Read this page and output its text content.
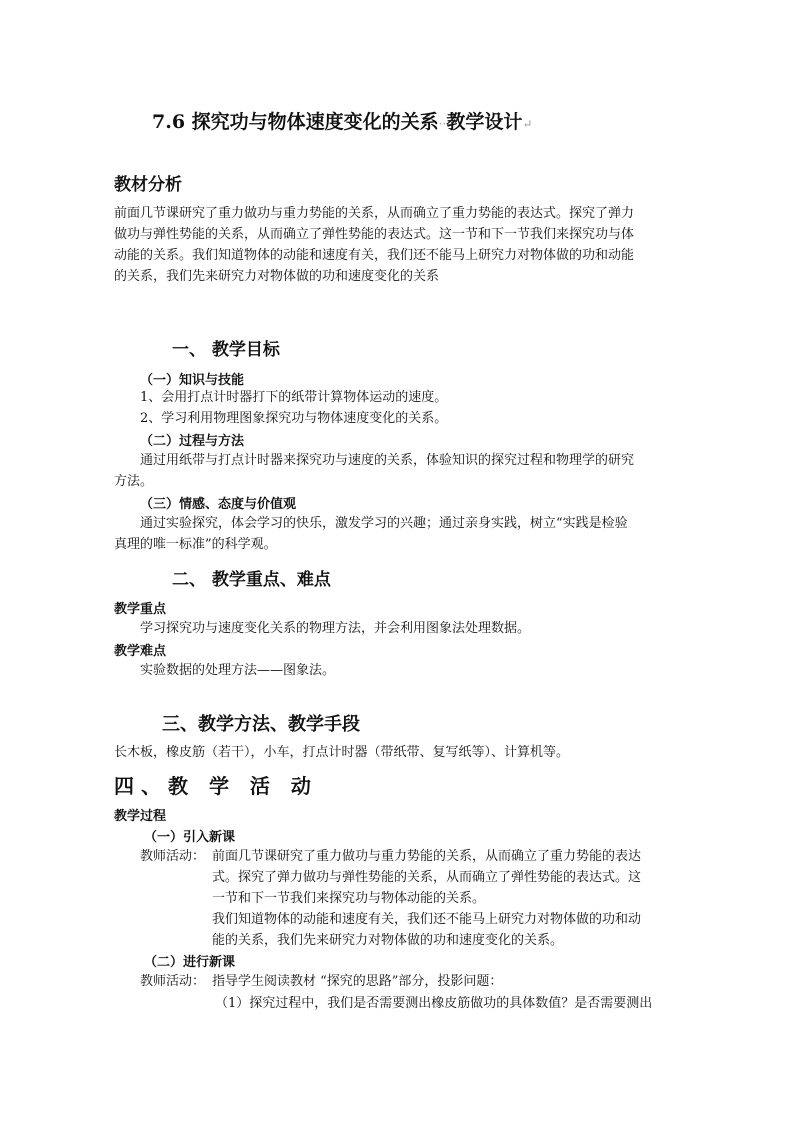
7.6 探究功与物体速度变化的关系··教学设计↵
教材分析
前面几节课研究了重力做功与重力势能的关系，从而确立了重力势能的表达式。探究了弹力
做功与弹性势能的关系，从而确立了弹性势能的表达式。这一节和下一节我们来探究功与体
动能的关系。我们知道物体的动能和速度有关，我们还不能马上研究力对物体做的功和动能
的关系，我们先来研究力对物体做的功和速度变化的关系
一、 教学目标
（一）知识与技能
1、会用打点计时器打下的纸带计算物体运动的速度。
2、学习利用物理图象探究功与物体速度变化的关系。
（二）过程与方法
通过用纸带与打点计时器来探究功与速度的关系，体验知识的探究过程和物理学的研究
方法。
（三）情感、态度与价值观
通过实验探究，体会学习的快乐，激发学习的兴趣；通过亲身实践，树立“实践是检验
真理的唯一标准”的科学观。
二、 教学重点、难点
教学重点
学习探究功与速度变化关系的物理方法，并会利用图象法处理数据。
教学难点
实验数据的处理方法——图象法。
三、教学方法、教学手段
长木板，橡皮筋（若干），小车，打点计时器（带纸带、复写纸等）、计算机等。
四、教 学 活 动
教学过程
（一）引入新课
教师活动： 前面几节课研究了重力做功与重力势能的关系，从而确立了重力势能的表达
式。探究了弹力做功与弹性势能的关系，从而确立了弹性势能的表达式。这
一节和下一节我们来探究功与物体动能的关系。
我们知道物体的动能和速度有关，我们还不能马上研究力对物体做的功和动
能的关系，我们先来研究力对物体做的功和速度变化的关系。
（二）进行新课
教师活动： 指导学生阅读教材 “探究的思路”部分，投影问题：
（1）探究过程中，我们是否需要测出橡皮筋做功的具体数值？是否需要测出
